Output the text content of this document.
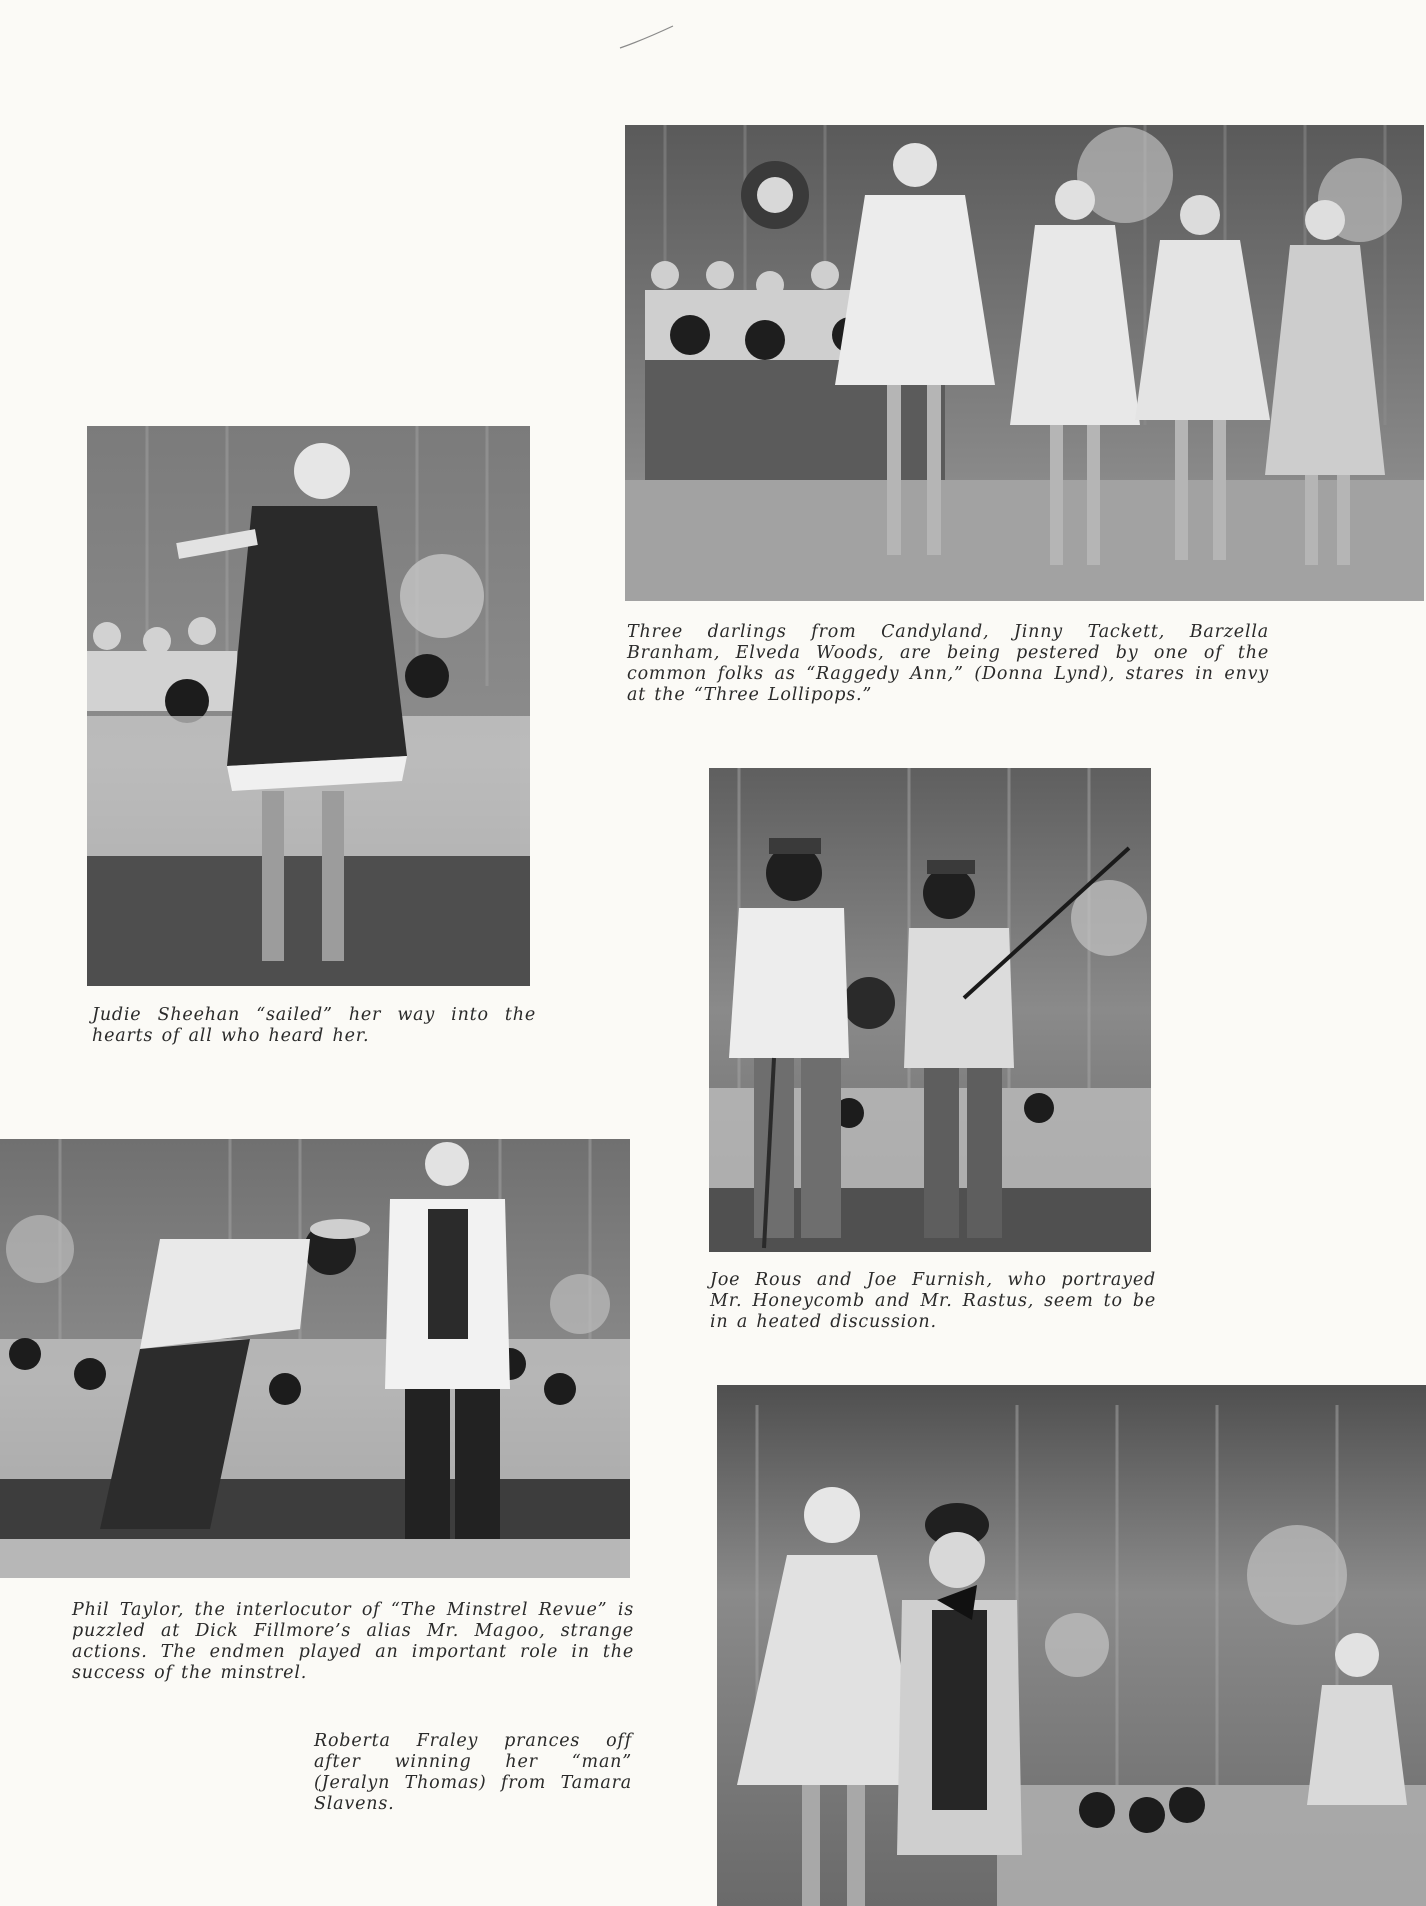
Three darlings from Candyland, Jinny Tackett, Barzella Branham, Elveda Woods, are being pestered by one of the common folks as “Raggedy Ann,” (Donna Lynd), stares in envy at the “Three Lollipops.”

Judie Sheehan “sailed” her way into the hearts of all who heard her.

Joe Rous and Joe Furnish, who portrayed Mr. Honeycomb and Mr. Rastus, seem to be in a heated discussion.

Phil Taylor, the interlocutor of “The Minstrel Revue” is puzzled at Dick Fillmore’s alias Mr. Magoo, strange actions. The endmen played an important role in the success of the minstrel.

Roberta Fraley prances off after winning her “man” (Jeralyn Thomas) from Tamara Slavens.
